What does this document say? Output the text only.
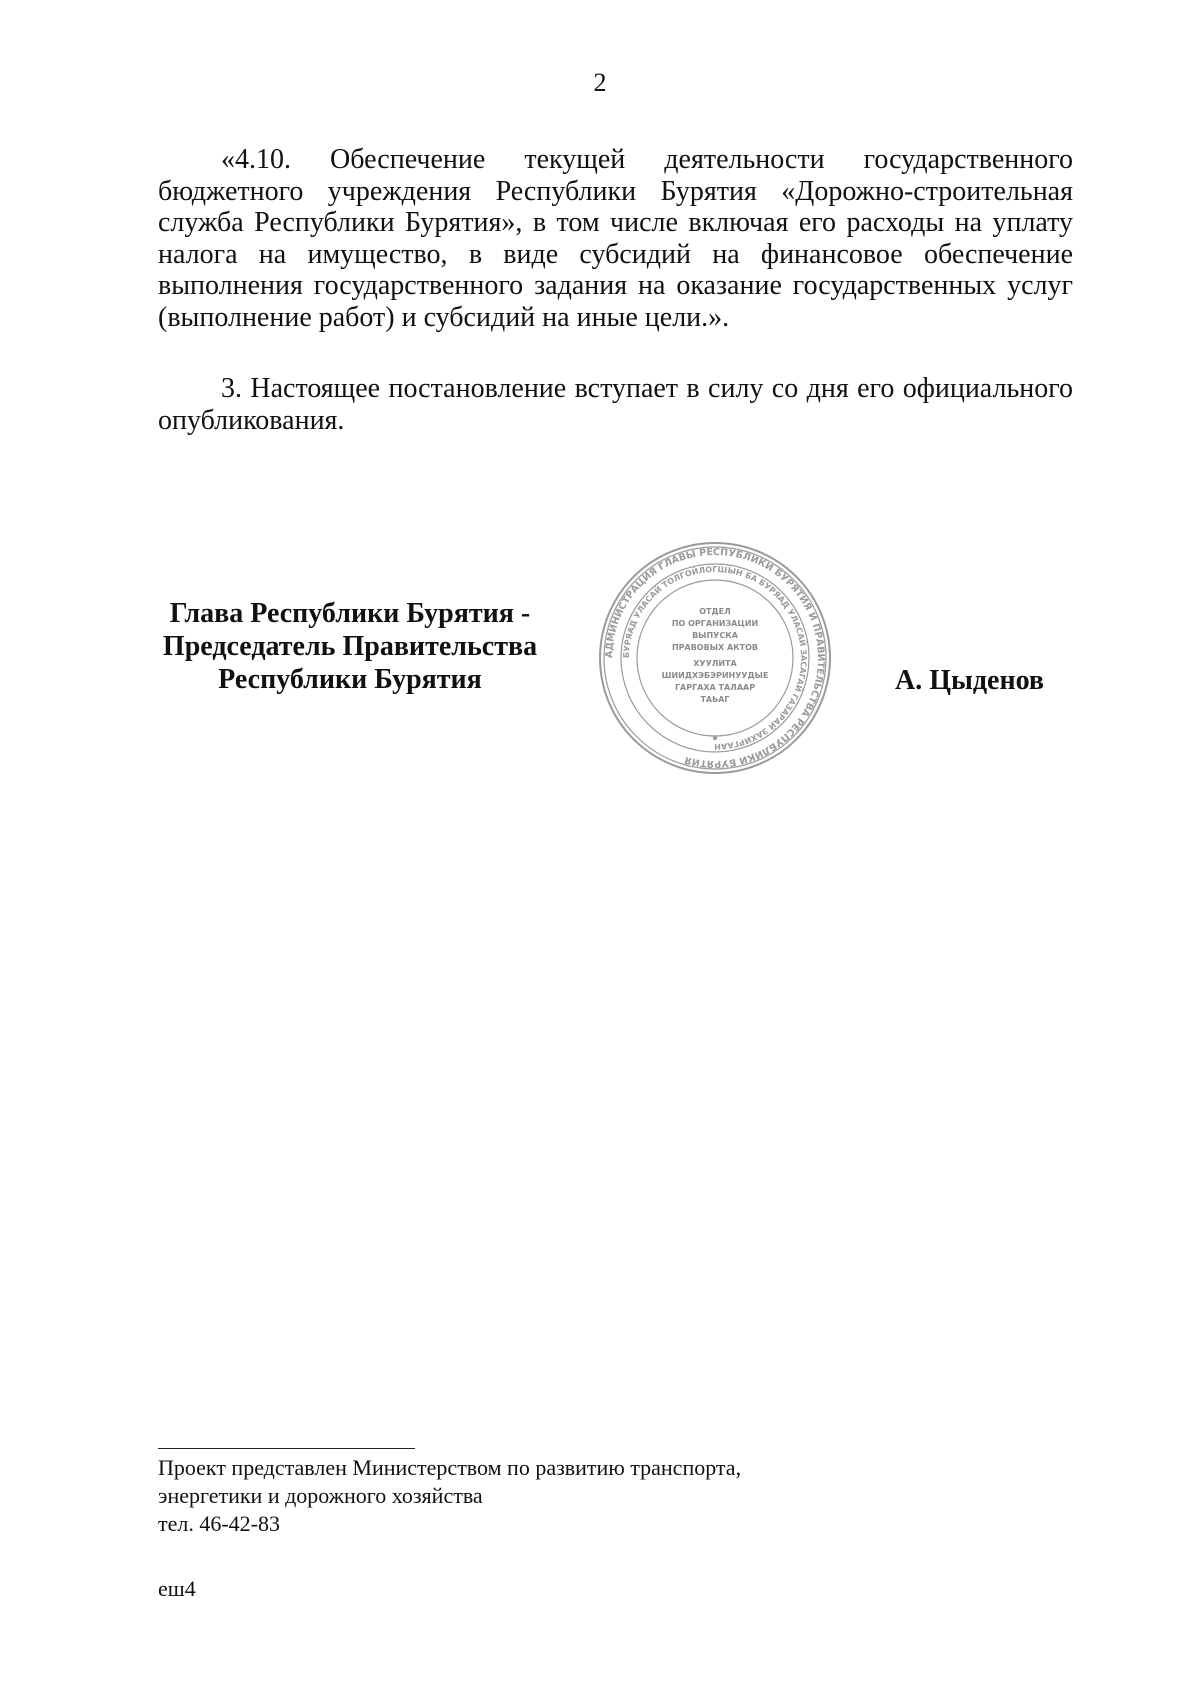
2

«4.10. Обеспечение текущей деятельности государственного бюджетного учреждения Республики Бурятия «Дорожно-строительная служба Республики Бурятия», в том числе включая его расходы на уплату налога на имущество, в виде субсидий на финансовое обеспечение выполнения государственного задания на оказание государственных услуг (выполнение работ) и субсидий на иные цели.».

3. Настоящее постановление вступает в силу со дня его официального опубликования.

Глава Республики Бурятия -
Председатель Правительства
Республики Бурятия
АДМИНИСТРАЦИЯ ГЛАВЫ РЕСПУБЛИКИ БУРЯТИЯ И ПРАВИТЕЛЬСТВА РЕСПУБЛИКИ БУРЯТИЯ
БУРЯАД УЛАСАЙ ТОЛГОЙЛОГШЫН БА БУРЯАД УЛАСАЙ ЗАСАГАЙ ГАЗАРАЙ ЗАХИРГААН
ОТДЕЛ
ПО ОРГАНИЗАЦИИ
ВЫПУСКА
ПРАВОВЫХ АКТОВ
ХУУЛИТА
ШИИДХЭБЭРИНУУДЫЕ
ГАРГАХА ТАЛААР
ТАЬАГ
А. Цыденов
Проект представлен Министерством по развитию транспорта,
энергетики и дорожного хозяйства
тел. 46-42-83
еш4
